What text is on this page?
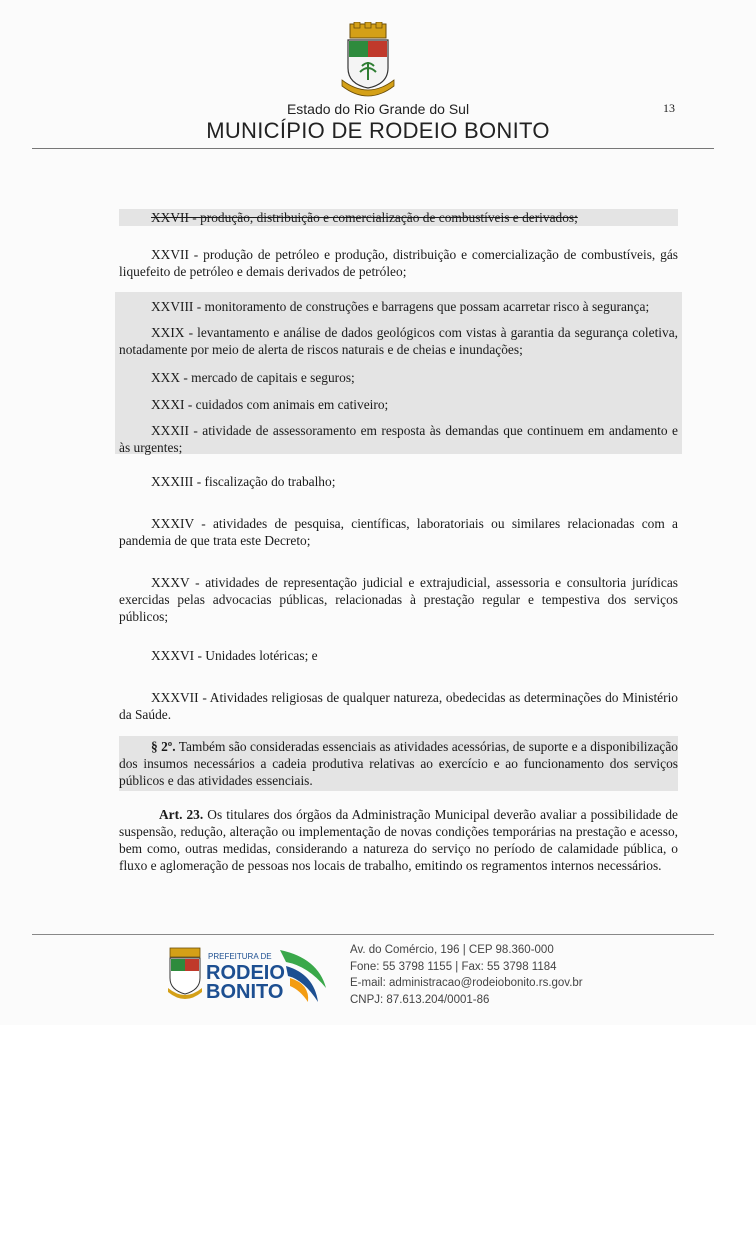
Estado do Rio Grande do Sul
MUNICÍPIO DE RODEIO BONITO
13

XXVII - produção, distribuição e comercialização de combustíveis e derivados;

XXVII - produção de petróleo e produção, distribuição e comercialização de combustíveis, gás liquefeito de petróleo e demais derivados de petróleo;

XXVIII - monitoramento de construções e barragens que possam acarretar risco à segurança;

XXIX - levantamento e análise de dados geológicos com vistas à garantia da segurança coletiva, notadamente por meio de alerta de riscos naturais e de cheias e inundações;

XXX - mercado de capitais e seguros;

XXXI - cuidados com animais em cativeiro;

XXXII - atividade de assessoramento em resposta às demandas que continuem em andamento e às urgentes;

XXXIII - fiscalização do trabalho;

XXXIV - atividades de pesquisa, científicas, laboratoriais ou similares relacionadas com a pandemia de que trata este Decreto;

XXXV - atividades de representação judicial e extrajudicial, assessoria e consultoria jurídicas exercidas pelas advocacias públicas, relacionadas à prestação regular e tempestiva dos serviços públicos;

XXXVI - Unidades lotéricas; e

XXXVII - Atividades religiosas de qualquer natureza, obedecidas as determinações do Ministério da Saúde.

§ 2º. Também são consideradas essenciais as atividades acessórias, de suporte e a disponibilização dos insumos necessários a cadeia produtiva relativas ao exercício e ao funcionamento dos serviços públicos e das atividades essenciais.

Art. 23. Os titulares dos órgãos da Administração Municipal deverão avaliar a possibilidade de suspensão, redução, alteração ou implementação de novas condições temporárias na prestação e acesso, bem como, outras medidas, considerando a natureza do serviço no período de calamidade pública, o fluxo e aglomeração de pessoas nos locais de trabalho, emitindo os regramentos internos necessários.

PREFEITURA DE
RODEIO
BONITO
Av. do Comércio, 196 | CEP 98.360-000
Fone: 55 3798 1155 | Fax: 55 3798 1184
E-mail: administracao@rodeiobonito.rs.gov.br
CNPJ: 87.613.204/0001-86
